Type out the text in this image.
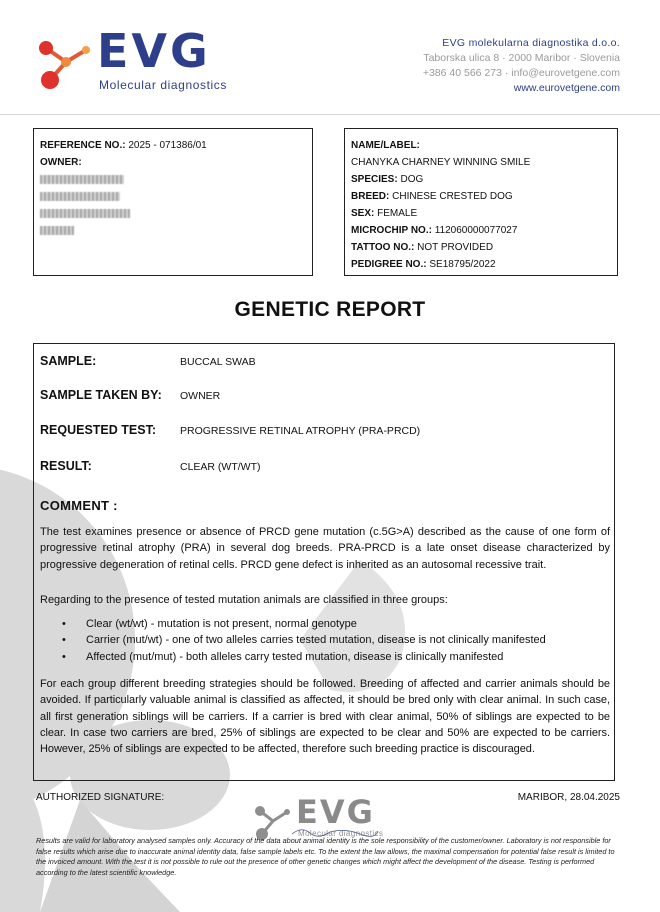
EVG
Molecular diagnostics
EVG molekularna diagnostika d.o.o.
Taborska ulica 8 · 2000 Maribor · Slovenia
+386 40 566 273 · info@eurovetgene.com
www.eurovetgene.com
REFERENCE NO.: 2025 - 071386/01
OWNER:
NAME/LABEL:
CHANYKA CHARNEY WINNING SMILE
SPECIES: DOG
BREED: CHINESE CRESTED DOG
SEX: FEMALE
MICROCHIP NO.: 112060000077027
TATTOO NO.: NOT PROVIDED
PEDIGREE NO.: SE18795/2022
GENETIC REPORT
SAMPLE:	BUCCAL SWAB
SAMPLE TAKEN BY: OWNER
REQUESTED TEST: PROGRESSIVE RETINAL ATROPHY (PRA-PRCD)
RESULT:	CLEAR (WT/WT)
COMMENT :
The test examines presence or absence of PRCD gene mutation (c.5G>A) described as the cause of one form of progressive retinal atrophy (PRA) in several dog breeds. PRA-PRCD is a late onset disease characterized by progressive degeneration of retinal cells. PRCD gene defect is inherited as an autosomal recessive trait.
Regarding to the presence of tested mutation animals are classified in three groups:
• Clear (wt/wt) - mutation is not present, normal genotype
• Carrier (mut/wt) - one of two alleles carries tested mutation, disease is not clinically manifested
• Affected (mut/mut) - both alleles carry tested mutation, disease is clinically manifested
For each group different breeding strategies should be followed. Breeding of affected and carrier animals should be avoided. If particularly valuable animal is classified as affected, it should be bred only with clear animal. In such case, all first generation siblings will be carriers. If a carrier is bred with clear animal, 50% of siblings are expected to be clear. In case two carriers are bred, 25% of siblings are expected to be clear and 50% are expected to be carriers. However, 25% of siblings are expected to be affected, therefore such breeding practice is discouraged.
AUTHORIZED SIGNATURE:	MARIBOR, 28.04.2025
EVG
Molecular diagnostics
Results are valid for laboratory analysed samples only. Accuracy of the data about animal identity is the sole responsibility of the customer/owner. Laboratory is not responsible for false results which arise due to inaccurate animal identity data, false sample labels etc. To the extent the law allows, the maximal compensation for potential false result is limited to the invoiced amount. With the test it is not possible to rule out the presence of other genetic changes which might affect the development of the disease. Testing is performed according to the latest scientific knowledge.
